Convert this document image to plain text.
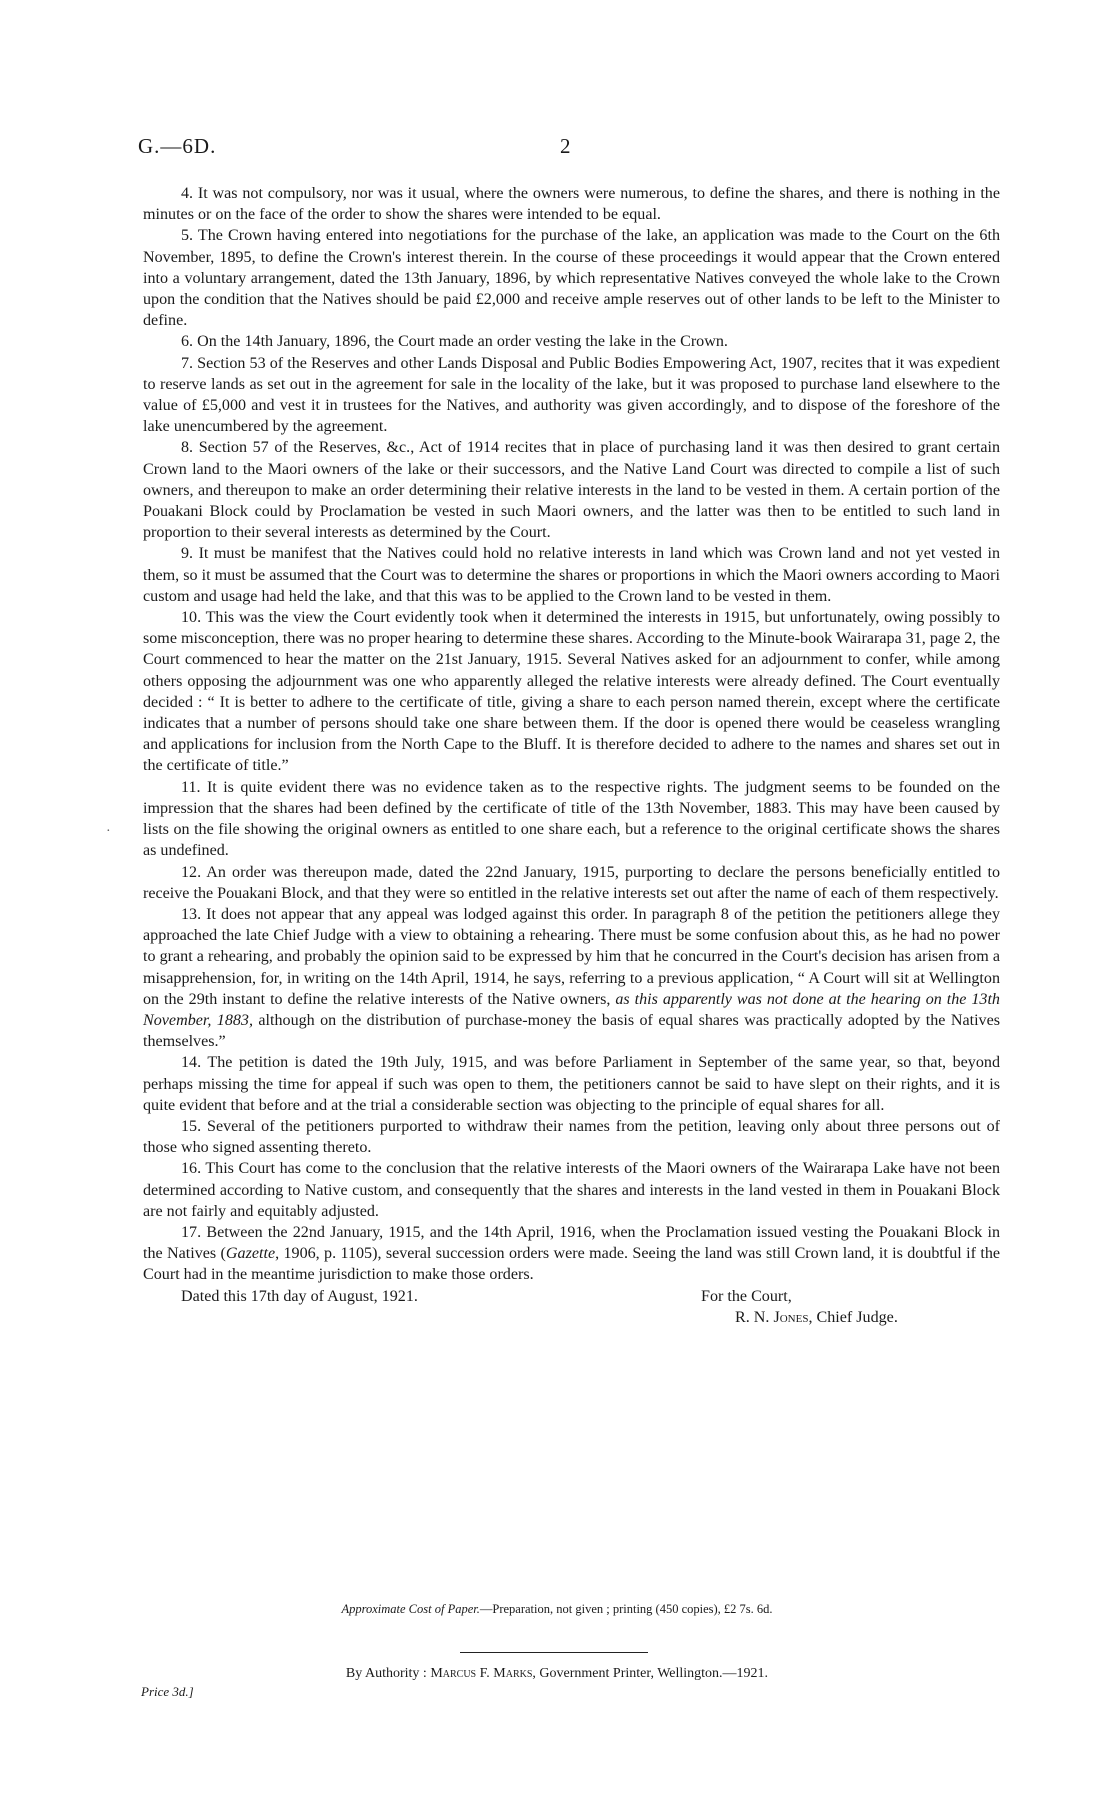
G.—6D.	2
·

4. It was not compulsory, nor was it usual, where the owners were numerous, to define the shares, and there is nothing in the minutes or on the face of the order to show the shares were intended to be equal.

5. The Crown having entered into negotiations for the purchase of the lake, an application was made to the Court on the 6th November, 1895, to define the Crown's interest therein. In the course of these proceedings it would appear that the Crown entered into a voluntary arrangement, dated the 13th January, 1896, by which representative Natives conveyed the whole lake to the Crown upon the condition that the Natives should be paid £2,000 and receive ample reserves out of other lands to be left to the Minister to define.

6. On the 14th January, 1896, the Court made an order vesting the lake in the Crown.

7. Section 53 of the Reserves and other Lands Disposal and Public Bodies Empowering Act, 1907, recites that it was expedient to reserve lands as set out in the agreement for sale in the locality of the lake, but it was proposed to purchase land elsewhere to the value of £5,000 and vest it in trustees for the Natives, and authority was given accordingly, and to dispose of the foreshore of the lake unencumbered by the agreement.

8. Section 57 of the Reserves, &c., Act of 1914 recites that in place of purchasing land it was then desired to grant certain Crown land to the Maori owners of the lake or their successors, and the Native Land Court was directed to compile a list of such owners, and thereupon to make an order determining their relative interests in the land to be vested in them. A certain portion of the Pouakani Block could by Proclamation be vested in such Maori owners, and the latter was then to be entitled to such land in proportion to their several interests as determined by the Court.

9. It must be manifest that the Natives could hold no relative interests in land which was Crown land and not yet vested in them, so it must be assumed that the Court was to determine the shares or proportions in which the Maori owners according to Maori custom and usage had held the lake, and that this was to be applied to the Crown land to be vested in them.

10. This was the view the Court evidently took when it determined the interests in 1915, but unfortunately, owing possibly to some misconception, there was no proper hearing to determine these shares. According to the Minute-book Wairarapa 31, page 2, the Court commenced to hear the matter on the 21st January, 1915. Several Natives asked for an adjournment to confer, while among others opposing the adjournment was one who apparently alleged the relative interests were already defined. The Court eventually decided : “ It is better to adhere to the certificate of title, giving a share to each person named therein, except where the certificate indicates that a number of persons should take one share between them. If the door is opened there would be ceaseless wrangling and applications for inclusion from the North Cape to the Bluff. It is therefore decided to adhere to the names and shares set out in the certificate of title.”

11. It is quite evident there was no evidence taken as to the respective rights. The judgment seems to be founded on the impression that the shares had been defined by the certificate of title of the 13th November, 1883. This may have been caused by lists on the file showing the original owners as entitled to one share each, but a reference to the original certificate shows the shares as undefined.

12. An order was thereupon made, dated the 22nd January, 1915, purporting to declare the persons beneficially entitled to receive the Pouakani Block, and that they were so entitled in the relative interests set out after the name of each of them respectively.

13. It does not appear that any appeal was lodged against this order. In paragraph 8 of the petition the petitioners allege they approached the late Chief Judge with a view to obtaining a rehearing. There must be some confusion about this, as he had no power to grant a rehearing, and probably the opinion said to be expressed by him that he concurred in the Court's decision has arisen from a misapprehension, for, in writing on the 14th April, 1914, he says, referring to a previous application, “ A Court will sit at Wellington on the 29th instant to define the relative interests of the Native owners, as this apparently was not done at the hearing on the 13th November, 1883, although on the distribution of purchase-money the basis of equal shares was practically adopted by the Natives themselves.”

14. The petition is dated the 19th July, 1915, and was before Parliament in September of the same year, so that, beyond perhaps missing the time for appeal if such was open to them, the petitioners cannot be said to have slept on their rights, and it is quite evident that before and at the trial a considerable section was objecting to the principle of equal shares for all.

15. Several of the petitioners purported to withdraw their names from the petition, leaving only about three persons out of those who signed assenting thereto.

16. This Court has come to the conclusion that the relative interests of the Maori owners of the Wairarapa Lake have not been determined according to Native custom, and consequently that the shares and interests in the land vested in them in Pouakani Block are not fairly and equitably adjusted.

17. Between the 22nd January, 1915, and the 14th April, 1916, when the Proclamation issued vesting the Pouakani Block in the Natives (Gazette, 1906, p. 1105), several succession orders were made. Seeing the land was still Crown land, it is doubtful if the Court had in the meantime jurisdiction to make those orders.

Dated this 17th day of August, 1921.	For the Court,
R. N. Jones, Chief Judge.
Approximate Cost of Paper.—Preparation, not given ; printing (450 copies), £2 7s. 6d.
By Authority : Marcus F. Marks, Government Printer, Wellington.—1921.
Price 3d.]
